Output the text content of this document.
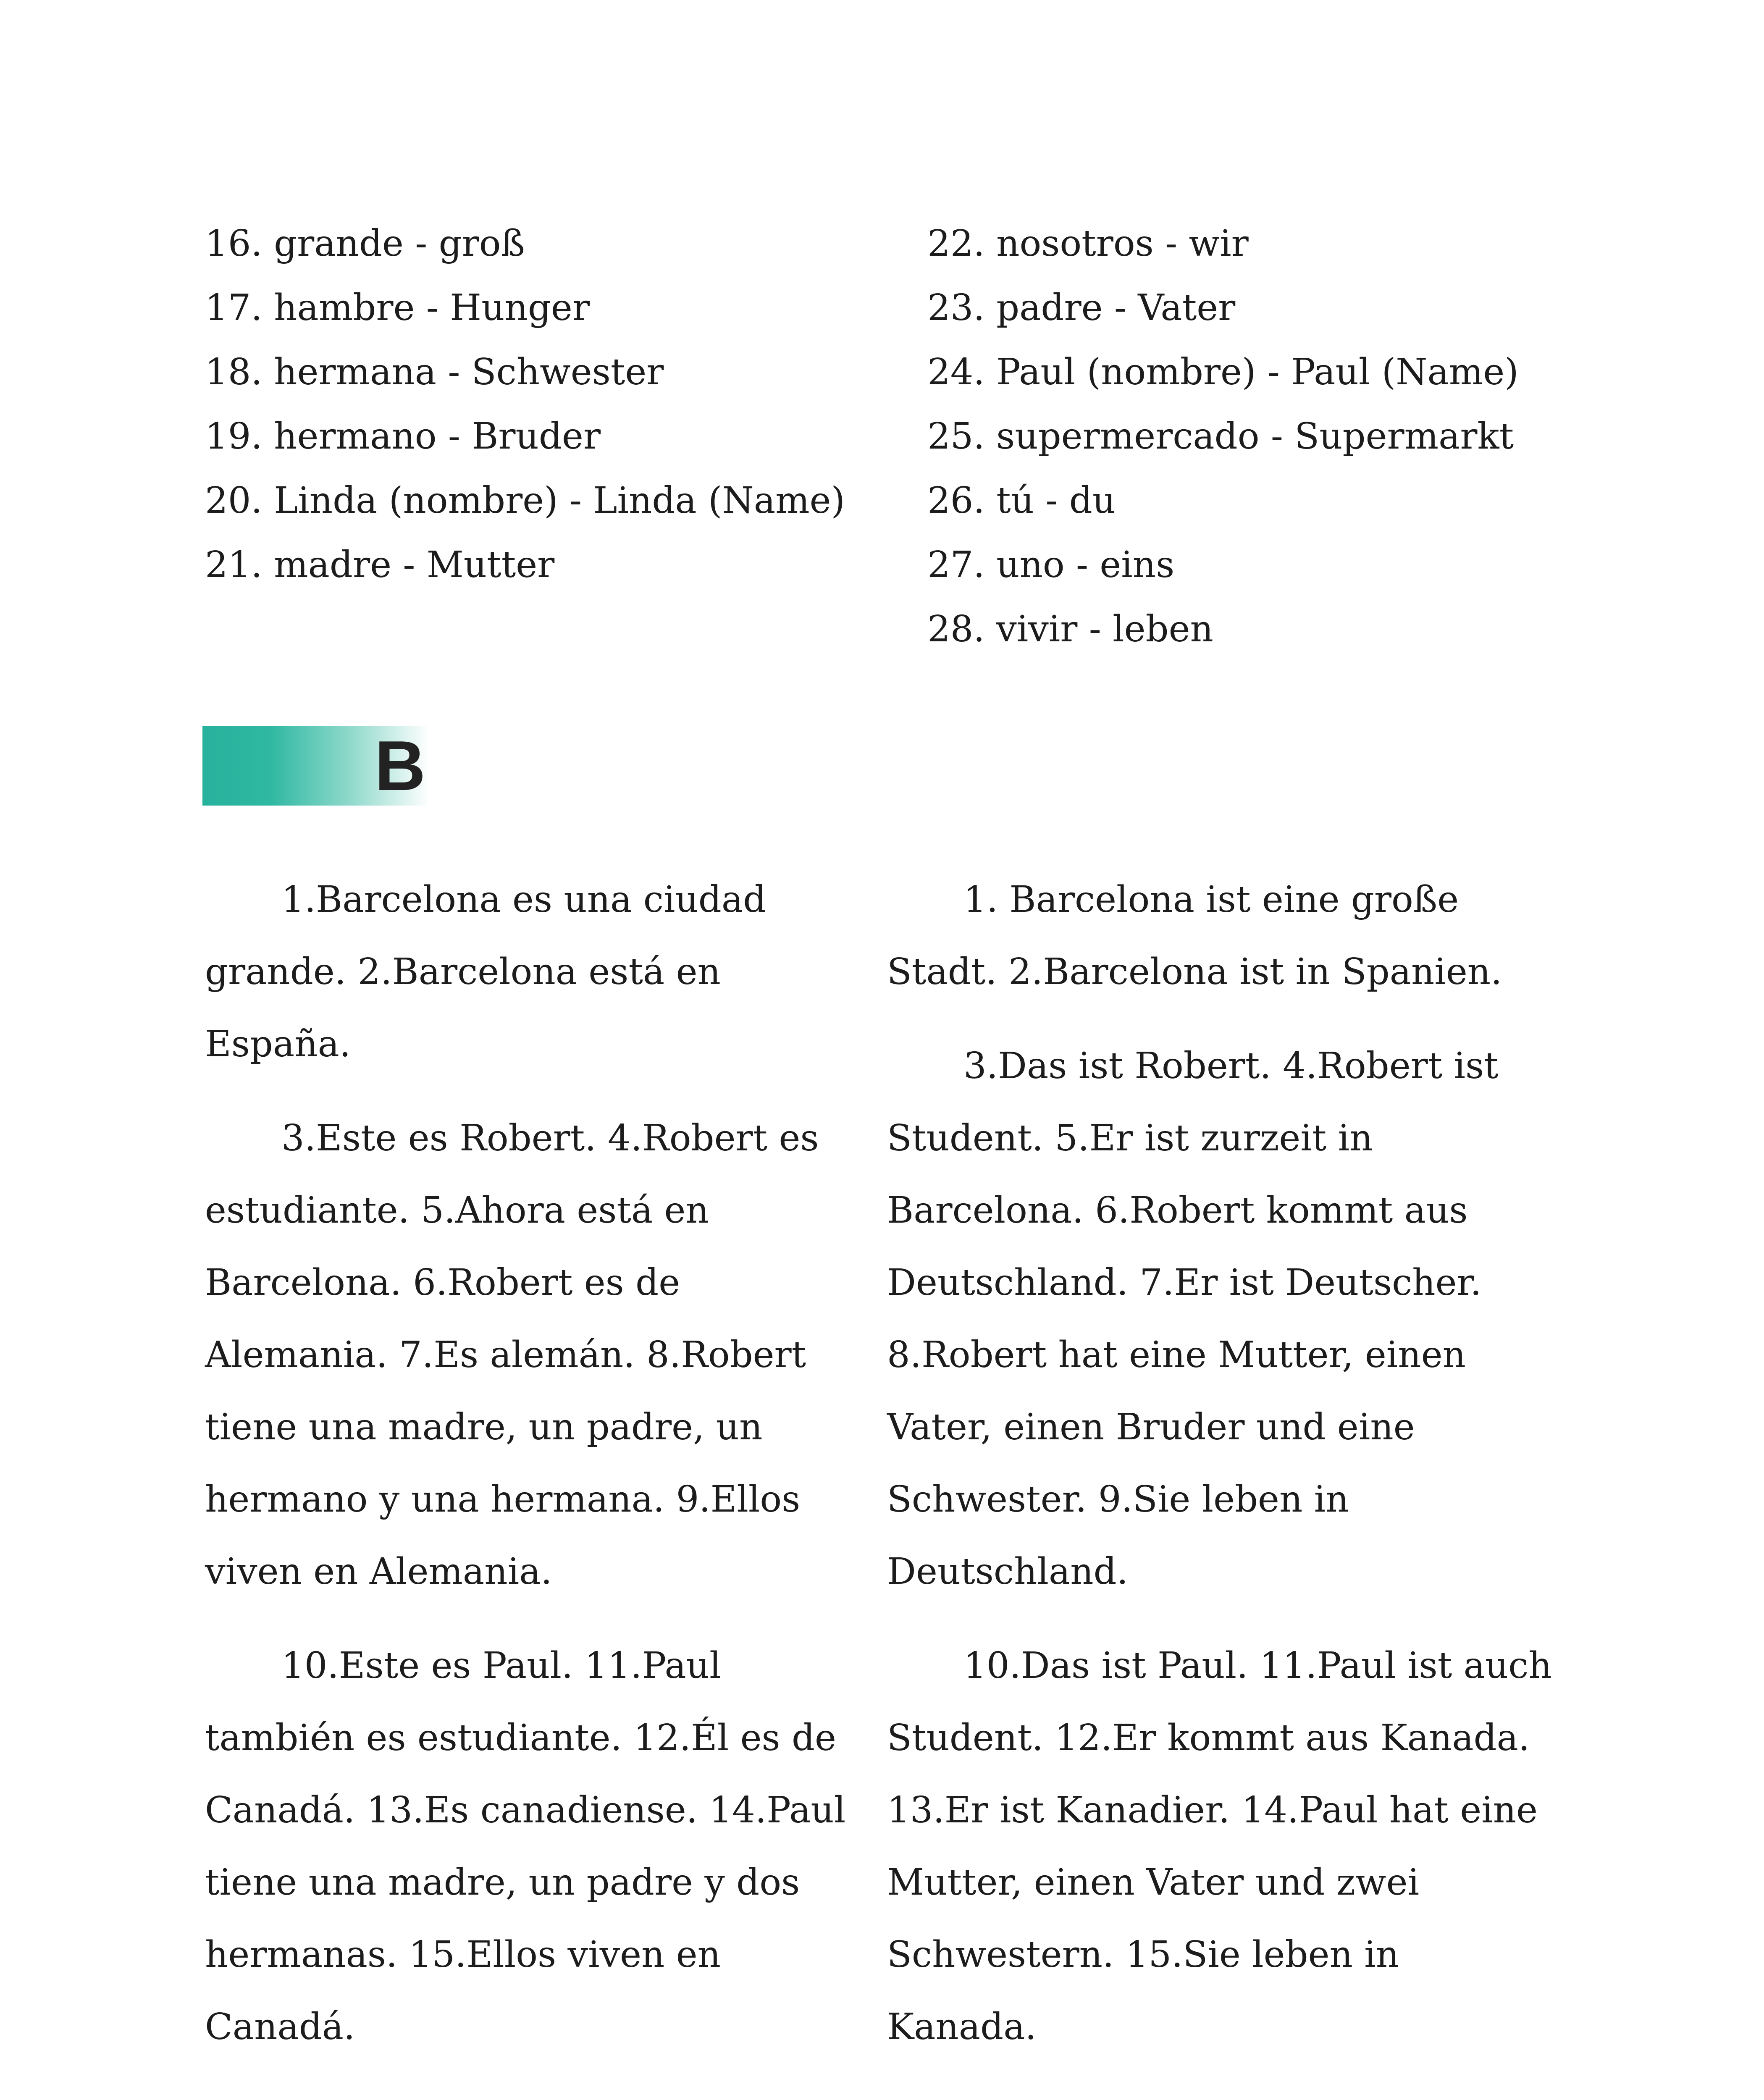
16. grande - groß
17. hambre - Hunger
18. hermana - Schwester
19. hermano - Bruder
20. Linda (nombre) - Linda (Name)
21. madre - Mutter
22. nosotros - wir
23. padre - Vater
24. Paul (nombre) - Paul (Name)
25. supermercado - Supermarkt
26. tú - du
27. uno - eins
28. vivir - leben
B

1.Barcelona es una ciudad grande. 2.Barcelona está en España.

3.Este es Robert. 4.Robert es estudiante. 5.Ahora está en Barcelona. 6.Robert es de Alemania. 7.Es alemán. 8.Robert tiene una madre, un padre, un hermano y una hermana. 9.Ellos viven en Alemania.

10.Este es Paul. 11.Paul también es estudiante. 12.Él es de Canadá. 13.Es canadiense. 14.Paul tiene una madre, un padre y dos hermanas. 15.Ellos viven en Canadá.

1. Barcelona ist eine große Stadt. 2.Barcelona ist in Spanien.

3.Das ist Robert. 4.Robert ist Student. 5.Er ist zurzeit in Barcelona. 6.Robert kommt aus Deutschland. 7.Er ist Deutscher. 8.Robert hat eine Mutter, einen Vater, einen Bruder und eine Schwester. 9.Sie leben in Deutschland.

10.Das ist Paul. 11.Paul ist auch Student. 12.Er kommt aus Kanada. 13.Er ist Kanadier. 14.Paul hat eine Mutter, einen Vater und zwei Schwestern. 15.Sie leben in Kanada.
